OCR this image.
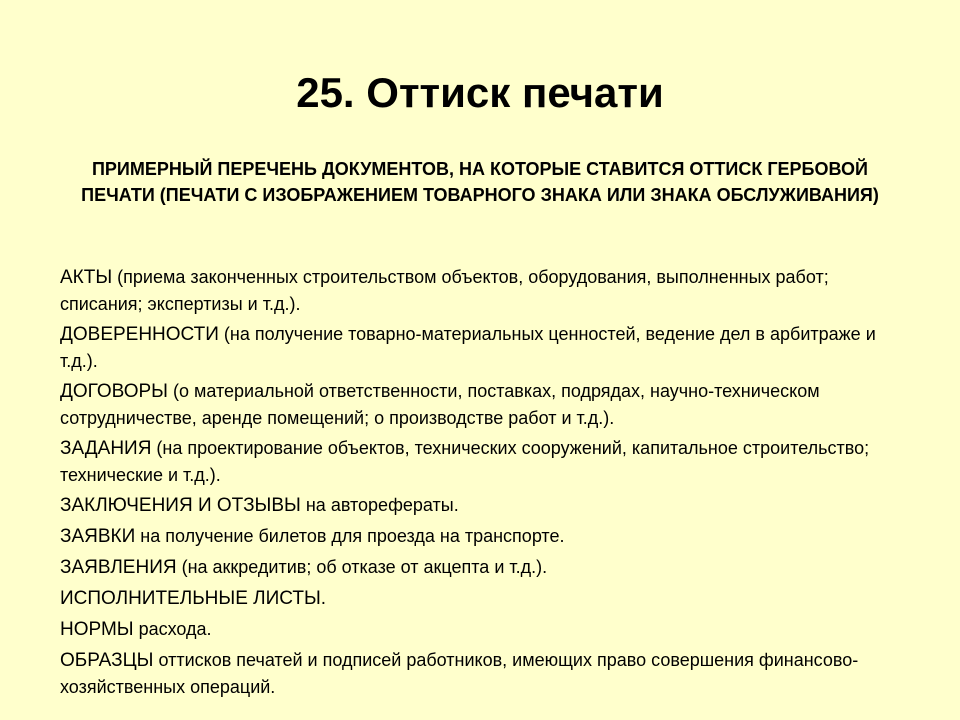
25. Оттиск печати

ПРИМЕРНЫЙ ПЕРЕЧЕНЬ ДОКУМЕНТОВ, НА КОТОРЫЕ СТАВИТСЯ ОТТИСК ГЕРБОВОЙ ПЕЧАТИ (ПЕЧАТИ С ИЗОБРАЖЕНИЕМ ТОВАРНОГО ЗНАКА ИЛИ ЗНАКА ОБСЛУЖИВАНИЯ)

АКТЫ (приема законченных строительством объектов, оборудования, выполненных работ; списания; экспертизы и т.д.).
ДОВЕРЕННОСТИ (на получение товарно-материальных ценностей, ведение дел в арбитраже и т.д.).
ДОГОВОРЫ (о материальной ответственности, поставках, подрядах, научно-техническом сотрудничестве, аренде помещений; о производстве работ и т.д.).
ЗАДАНИЯ (на проектирование объектов, технических сооружений, капитальное строительство; технические и т.д.).
ЗАКЛЮЧЕНИЯ И ОТЗЫВЫ на авторефераты.
ЗАЯВКИ на получение билетов для проезда на транспорте.
ЗАЯВЛЕНИЯ (на аккредитив; об отказе от акцепта и т.д.).
ИСПОЛНИТЕЛЬНЫЕ ЛИСТЫ.
НОРМЫ расхода.
ОБРАЗЦЫ оттисков печатей и подписей работников, имеющих право совершения финансово-хозяйственных операций.
